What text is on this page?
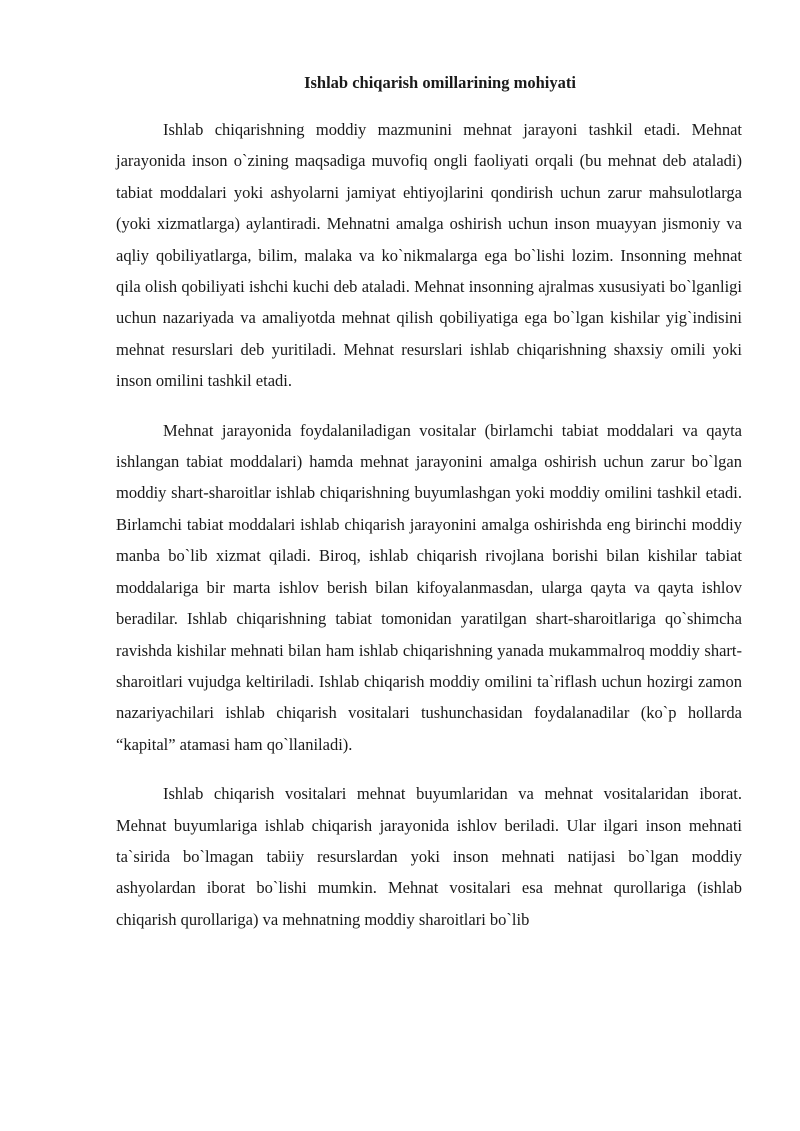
Ishlab chiqarish omillarining mohiyati

Ishlab chiqarishning moddiy mazmunini mehnat jarayoni tashkil etadi. Mehnat jarayonida inson o`zining maqsadiga muvofiq ongli faoliyati orqali (bu mehnat deb ataladi) tabiat moddalari yoki ashyolarni jamiyat ehtiyojlarini qondirish uchun zarur mahsulotlarga (yoki xizmatlarga) aylantiradi. Mehnatni amalga oshirish uchun inson muayyan jismoniy va aqliy qobiliyatlarga, bilim, malaka va ko`nikmalarga ega bo`lishi lozim. Insonning mehnat qila olish qobiliyati ishchi kuchi deb ataladi. Mehnat insonning ajralmas xususiyati bo`lganligi uchun nazariyada va amaliyotda mehnat qilish qobiliyatiga ega bo`lgan kishilar yig`indisini mehnat resurslari deb yuritiladi. Mehnat resurslari ishlab chiqarishning shaxsiy omili yoki inson omilini tashkil etadi.

Mehnat jarayonida foydalaniladigan vositalar (birlamchi tabiat moddalari va qayta ishlangan tabiat moddalari) hamda mehnat jarayonini amalga oshirish uchun zarur bo`lgan moddiy shart-sharoitlar ishlab chiqarishning buyumlashgan yoki moddiy omilini tashkil etadi. Birlamchi tabiat moddalari ishlab chiqarish jarayonini amalga oshirishda eng birinchi moddiy manba bo`lib xizmat qiladi. Biroq, ishlab chiqarish rivojlana borishi bilan kishilar tabiat moddalariga bir marta ishlov berish bilan kifoyalanmasdan, ularga qayta va qayta ishlov beradilar. Ishlab chiqarishning tabiat tomonidan yaratilgan shart-sharoitlariga qo`shimcha ravishda kishilar mehnati bilan ham ishlab chiqarishning yanada mukammalroq moddiy shart-sharoitlari vujudga keltiriladi. Ishlab chiqarish moddiy omilini ta`riflash uchun hozirgi zamon nazariyachilari ishlab chiqarish vositalari tushunchasidan foydalanadilar (ko`p hollarda “kapital” atamasi ham qo`llaniladi).

Ishlab chiqarish vositalari mehnat buyumlaridan va mehnat vositalaridan iborat. Mehnat buyumlariga ishlab chiqarish jarayonida ishlov beriladi. Ular ilgari inson mehnati ta`sirida bo`lmagan tabiiy resurslardan yoki inson mehnati natijasi bo`lgan moddiy ashyolardan iborat bo`lishi mumkin. Mehnat vositalari esa mehnat qurollariga (ishlab chiqarish qurollariga) va mehnatning moddiy sharoitlari bo`lib
